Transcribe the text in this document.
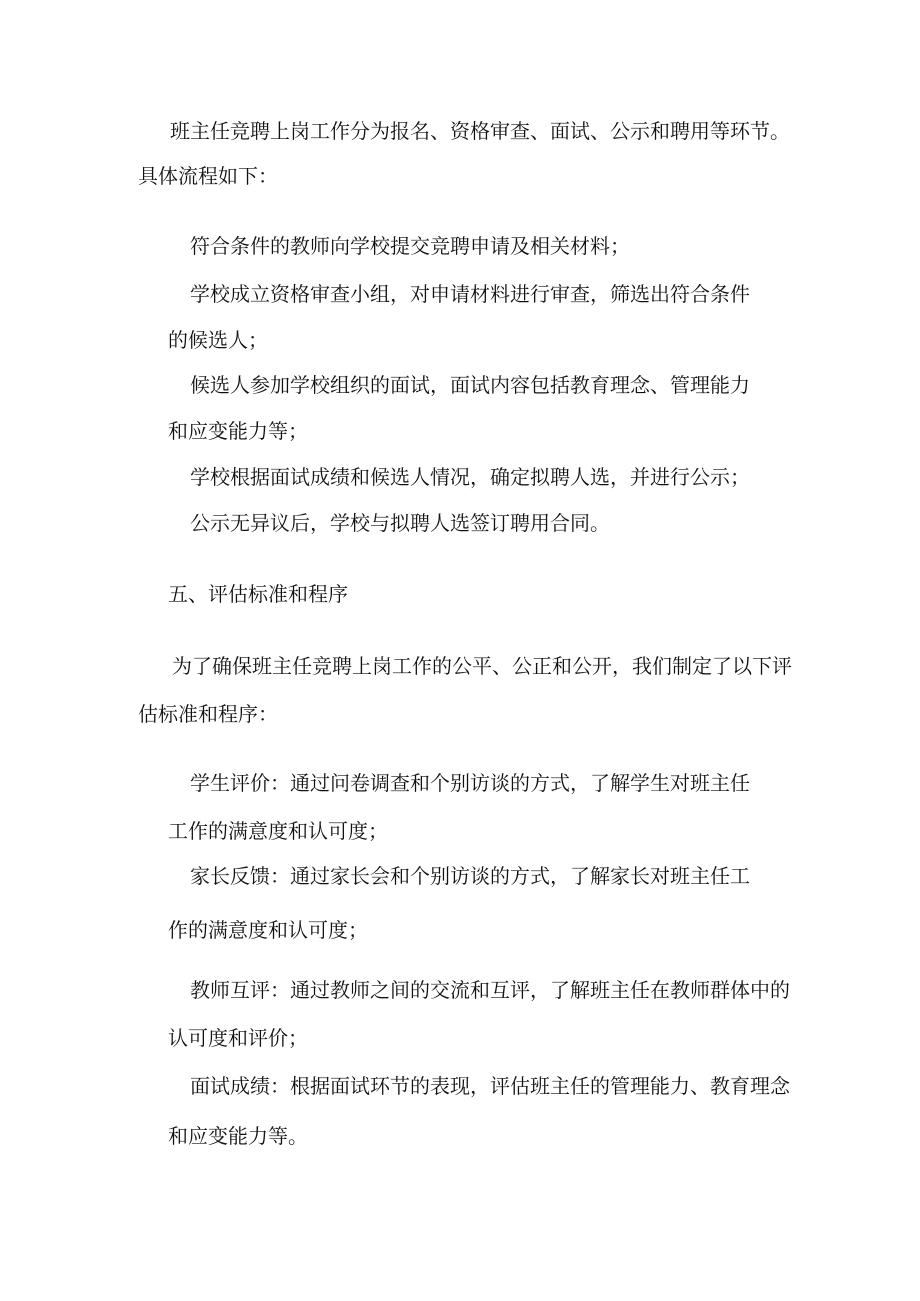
班主任竞聘上岗工作分为报名、资格审查、面试、公示和聘用等环节。
具体流程如下：
符合条件的教师向学校提交竞聘申请及相关材料；
学校成立资格审查小组，对申请材料进行审查，筛选出符合条件
的候选人；
候选人参加学校组织的面试，面试内容包括教育理念、管理能力
和应变能力等；
学校根据面试成绩和候选人情况，确定拟聘人选，并进行公示；
公示无异议后，学校与拟聘人选签订聘用合同。
五、评估标准和程序
为了确保班主任竞聘上岗工作的公平、公正和公开，我们制定了以下评
估标准和程序：
学生评价：通过问卷调查和个别访谈的方式，了解学生对班主任
工作的满意度和认可度；
家长反馈：通过家长会和个别访谈的方式，了解家长对班主任工
作的满意度和认可度；
教师互评：通过教师之间的交流和互评，了解班主任在教师群体中的
认可度和评价；
面试成绩：根据面试环节的表现，评估班主任的管理能力、教育理念
和应变能力等。
